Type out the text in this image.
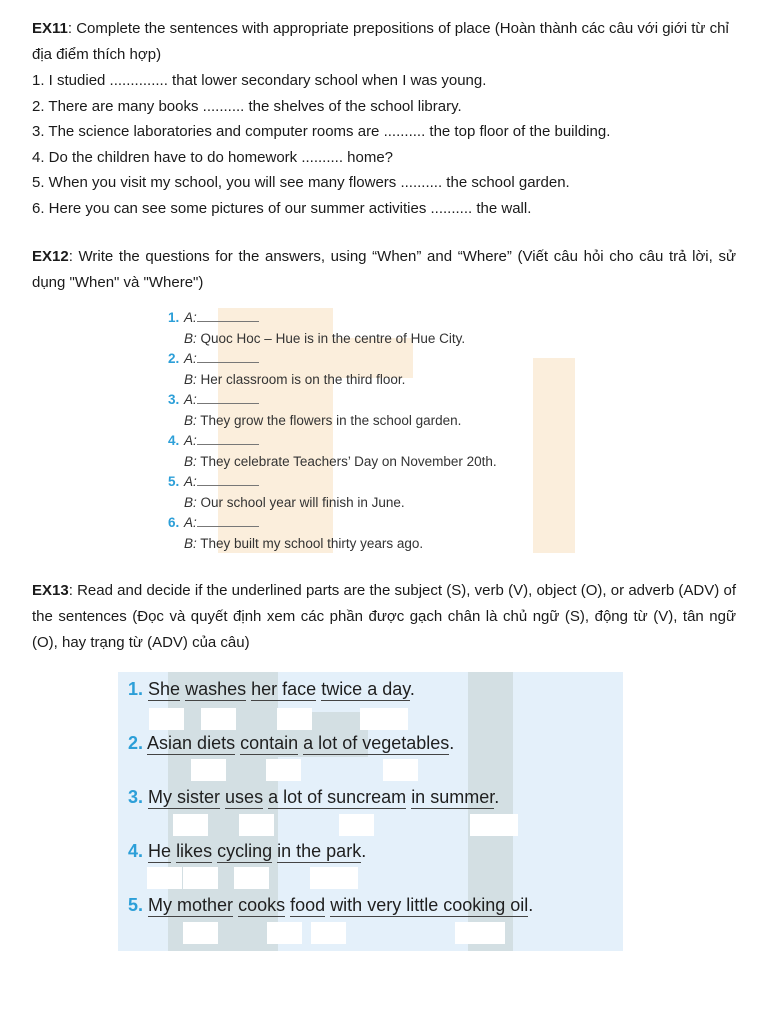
EX11: Complete the sentences with appropriate prepositions of place (Hoàn thành các câu với giới từ chỉ địa điểm thích hợp)
1. I studied .............. that lower secondary school when I was young.
2. There are many books .......... the shelves of the school library.
3. The science laboratories and computer rooms are .......... the top floor of the building.
4. Do the children have to do homework .......... home?
5. When you visit my school, you will see many flowers .......... the school garden.
6. Here you can see some pictures of our summer activities .......... the wall.
EX12: Write the questions for the answers, using “When” and “Where” (Viết câu hỏi cho câu trả lời, sử dụng "When" và "Where")
1. A:
B: Quoc Hoc – Hue is in the centre of Hue City.
2. A:
B: Her classroom is on the third floor.
3. A:
B: They grow the flowers in the school garden.
4. A:
B: They celebrate Teachers’ Day on November 20th.
5. A:
B: Our school year will finish in June.
6. A:
B: They built my school thirty years ago.
EX13: Read and decide if the underlined parts are the subject (S), verb (V), object (O), or adverb (ADV) of the sentences (Đọc và quyết định xem các phần được gạch chân là chủ ngữ (S), động từ (V), tân ngữ (O), hay trạng từ (ADV) của câu)
1. She washes her face twice a day.
2. Asian diets contain a lot of vegetables.
3. My sister uses a lot of suncream in summer.
4. He likes cycling in the park.
5. My mother cooks food with very little cooking oil.
